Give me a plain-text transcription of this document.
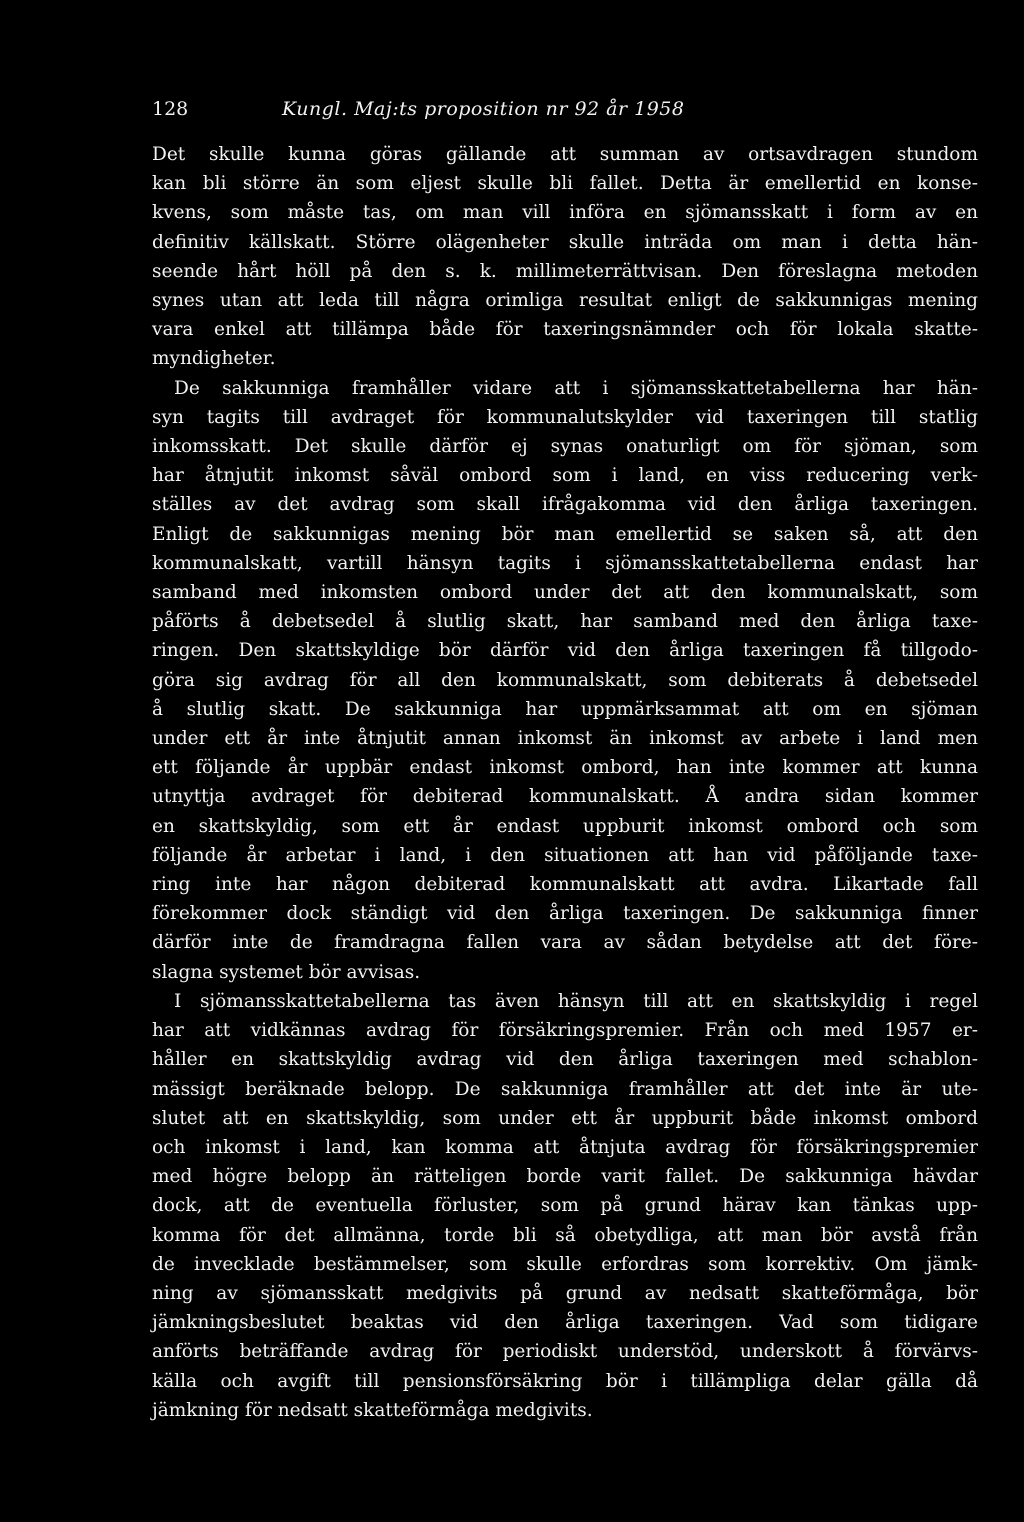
128	Kungl. Maj:ts proposition nr 92 år 1958
Det skulle kunna göras gällande att summan av ortsavdragen stundom
kan bli större än som eljest skulle bli fallet. Detta är emellertid en konse-
kvens, som måste tas, om man vill införa en sjömansskatt i form av en
definitiv källskatt. Större olägenheter skulle inträda om man i detta hän-
seende hårt höll på den s. k. millimeterrättvisan. Den föreslagna metoden
synes utan att leda till några orimliga resultat enligt de sakkunnigas mening
vara enkel att tillämpa både för taxeringsnämnder och för lokala skatte-
myndigheter.
De sakkunniga framhåller vidare att i sjömansskattetabellerna har hän-
syn tagits till avdraget för kommunalutskylder vid taxeringen till statlig
inkomsskatt. Det skulle därför ej synas onaturligt om för sjöman, som
har åtnjutit inkomst såväl ombord som i land, en viss reducering verk-
ställes av det avdrag som skall ifrågakomma vid den årliga taxeringen.
Enligt de sakkunnigas mening bör man emellertid se saken så, att den
kommunalskatt, vartill hänsyn tagits i sjömansskattetabellerna endast har
samband med inkomsten ombord under det att den kommunalskatt, som
påförts å debetsedel å slutlig skatt, har samband med den årliga taxe-
ringen. Den skattskyldige bör därför vid den årliga taxeringen få tillgodo-
göra sig avdrag för all den kommunalskatt, som debiterats å debetsedel
å slutlig skatt. De sakkunniga har uppmärksammat att om en sjöman
under ett år inte åtnjutit annan inkomst än inkomst av arbete i land men
ett följande år uppbär endast inkomst ombord, han inte kommer att kunna
utnyttja avdraget för debiterad kommunalskatt. Å andra sidan kommer
en skattskyldig, som ett år endast uppburit inkomst ombord och som
följande år arbetar i land, i den situationen att han vid påföljande taxe-
ring inte har någon debiterad kommunalskatt att avdra. Likartade fall
förekommer dock ständigt vid den årliga taxeringen. De sakkunniga finner
därför inte de framdragna fallen vara av sådan betydelse att det före-
slagna systemet bör avvisas.
I sjömansskattetabellerna tas även hänsyn till att en skattskyldig i regel
har att vidkännas avdrag för försäkringspremier. Från och med 1957 er-
håller en skattskyldig avdrag vid den årliga taxeringen med schablon-
mässigt beräknade belopp. De sakkunniga framhåller att det inte är ute-
slutet att en skattskyldig, som under ett år uppburit både inkomst ombord
och inkomst i land, kan komma att åtnjuta avdrag för försäkringspremier
med högre belopp än rätteligen borde varit fallet. De sakkunniga hävdar
dock, att de eventuella förluster, som på grund härav kan tänkas upp-
komma för det allmänna, torde bli så obetydliga, att man bör avstå från
de invecklade bestämmelser, som skulle erfordras som korrektiv. Om jämk-
ning av sjömansskatt medgivits på grund av nedsatt skatteförmåga, bör
jämkningsbeslutet beaktas vid den årliga taxeringen. Vad som tidigare
anförts beträffande avdrag för periodiskt understöd, underskott å förvärvs-
källa och avgift till pensionsförsäkring bör i tillämpliga delar gälla då
jämkning för nedsatt skatteförmåga medgivits.
